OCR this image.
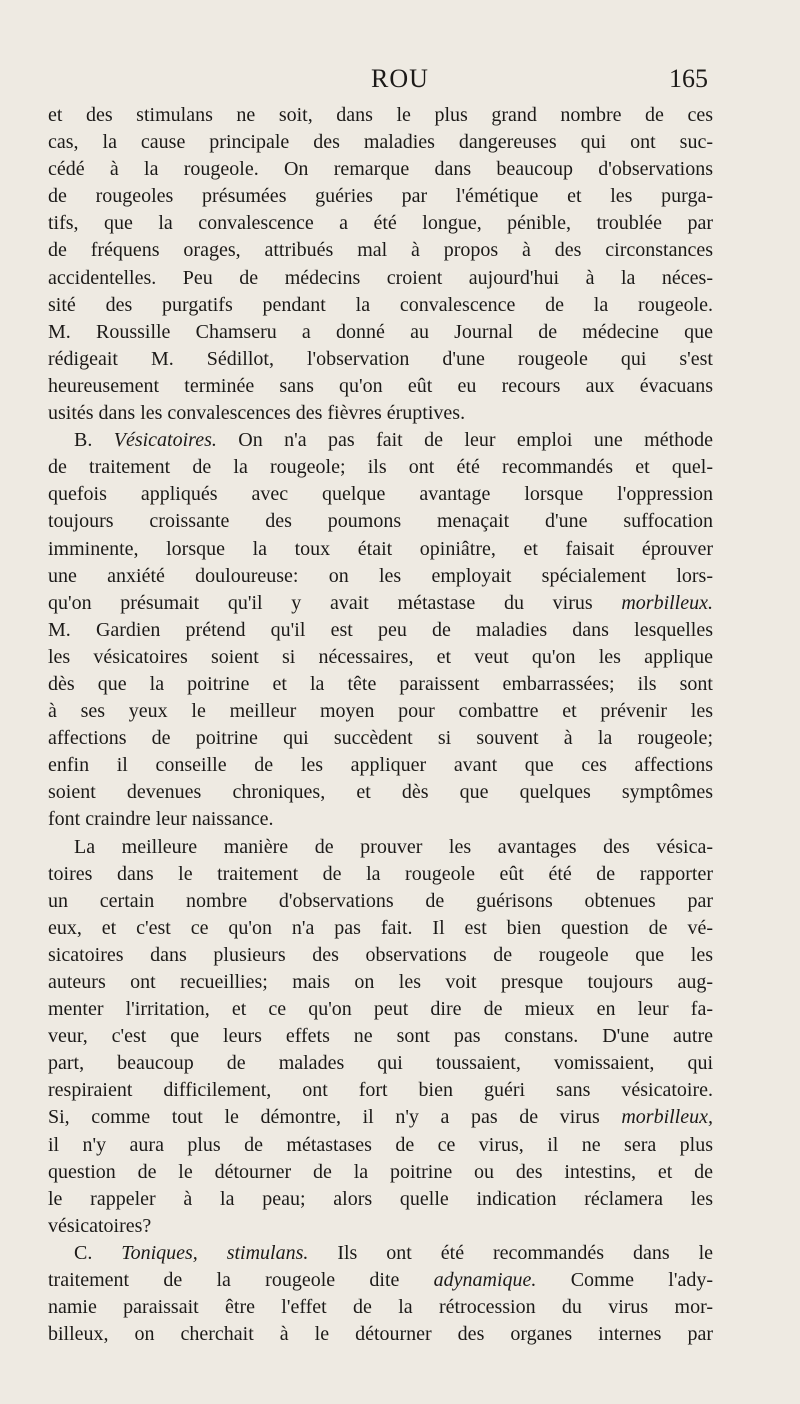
ROU	165
et des stimulans ne soit, dans le plus grand nombre de ces
cas, la cause principale des maladies dangereuses qui ont suc-
cédé à la rougeole. On remarque dans beaucoup d'observations
de rougeoles présumées guéries par l'émétique et les purga-
tifs, que la convalescence a été longue, pénible, troublée par
de fréquens orages, attribués mal à propos à des circonstances
accidentelles. Peu de médecins croient aujourd'hui à la néces-
sité des purgatifs pendant la convalescence de la rougeole.
M. Roussille Chamseru a donné au Journal de médecine que
rédigeait M. Sédillot, l'observation d'une rougeole qui s'est
heureusement terminée sans qu'on eût eu recours aux évacuans
usités dans les convalescences des fièvres éruptives.
B. Vésicatoires. On n'a pas fait de leur emploi une méthode
de traitement de la rougeole; ils ont été recommandés et quel-
quefois appliqués avec quelque avantage lorsque l'oppression
toujours croissante des poumons menaçait d'une suffocation
imminente, lorsque la toux était opiniâtre, et faisait éprouver
une anxiété douloureuse: on les employait spécialement lors-
qu'on présumait qu'il y avait métastase du virus morbilleux.
M. Gardien prétend qu'il est peu de maladies dans lesquelles
les vésicatoires soient si nécessaires, et veut qu'on les applique
dès que la poitrine et la tête paraissent embarrassées; ils sont
à ses yeux le meilleur moyen pour combattre et prévenir les
affections de poitrine qui succèdent si souvent à la rougeole;
enfin il conseille de les appliquer avant que ces affections
soient devenues chroniques, et dès que quelques symptômes
font craindre leur naissance.
La meilleure manière de prouver les avantages des vésica-
toires dans le traitement de la rougeole eût été de rapporter
un certain nombre d'observations de guérisons obtenues par
eux, et c'est ce qu'on n'a pas fait. Il est bien question de vé-
sicatoires dans plusieurs des observations de rougeole que les
auteurs ont recueillies; mais on les voit presque toujours aug-
menter l'irritation, et ce qu'on peut dire de mieux en leur fa-
veur, c'est que leurs effets ne sont pas constans. D'une autre
part, beaucoup de malades qui toussaient, vomissaient, qui
respiraient difficilement, ont fort bien guéri sans vésicatoire.
Si, comme tout le démontre, il n'y a pas de virus morbilleux,
il n'y aura plus de métastases de ce virus, il ne sera plus
question de le détourner de la poitrine ou des intestins, et de
le rappeler à la peau; alors quelle indication réclamera les
vésicatoires?
C. Toniques, stimulans. Ils ont été recommandés dans le
traitement de la rougeole dite adynamique. Comme l'ady-
namie paraissait être l'effet de la rétrocession du virus mor-
billeux, on cherchait à le détourner des organes internes par
